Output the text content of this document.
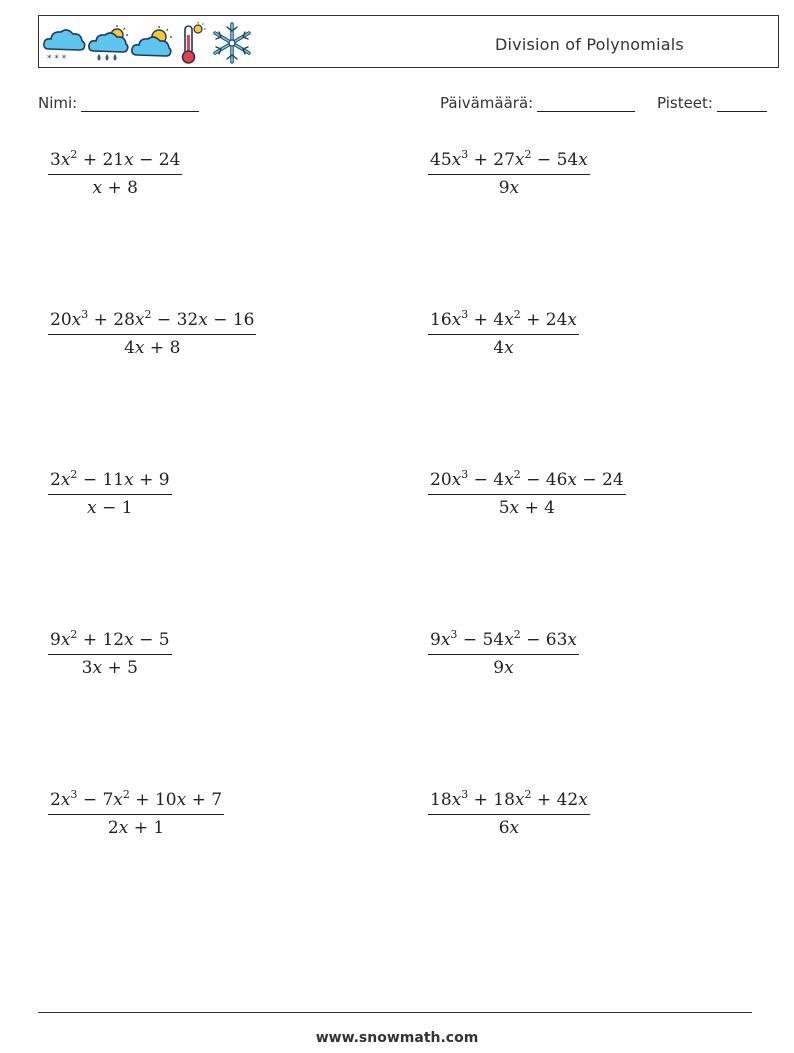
* * *
Division of Polynomials
Nimi:	Päivämäärä:	Pisteet:
$\frac{3x^2 + 21x - 24}{x + 8}$	$\frac{45x^3 + 27x^2 - 54x}{9x}$
$\frac{20x^3 + 28x^2 - 32x - 16}{4x + 8}$	$\frac{16x^3 + 4x^2 + 24x}{4x}$
$\frac{2x^2 - 11x + 9}{x - 1}$	$\frac{20x^3 - 4x^2 - 46x - 24}{5x + 4}$
$\frac{9x^2 + 12x - 5}{3x + 5}$	$\frac{9x^3 - 54x^2 - 63x}{9x}$
$\frac{2x^3 - 7x^2 + 10x + 7}{2x + 1}$	$\frac{18x^3 + 18x^2 + 42x}{6x}$
www.snowmath.com
